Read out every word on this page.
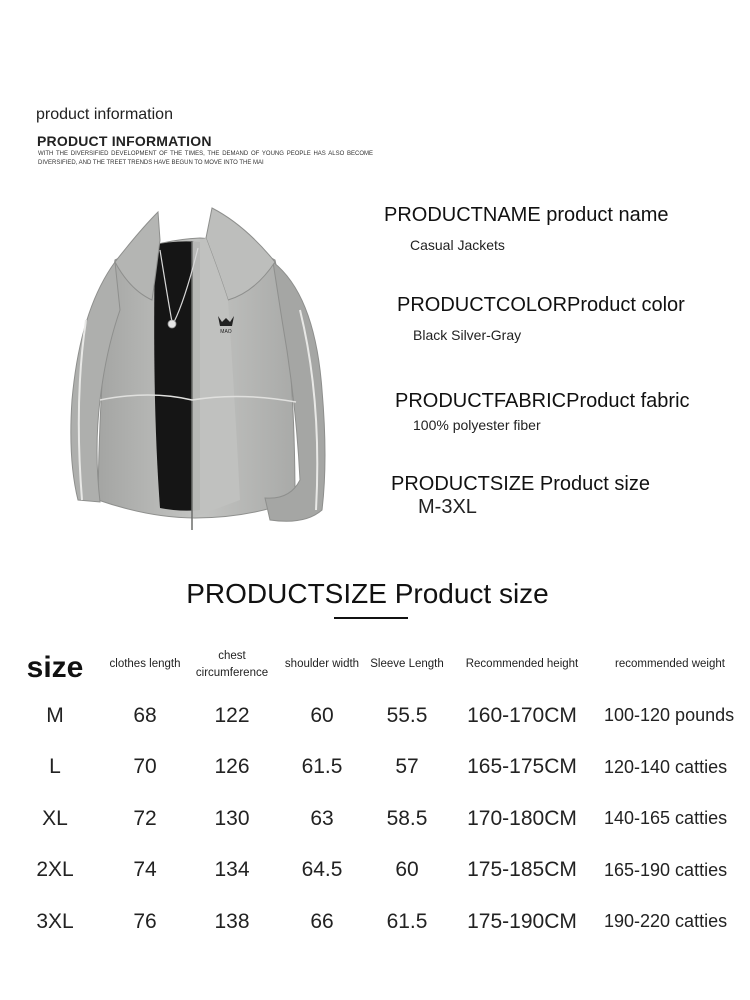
product information
PRODUCT INFORMATION
WITH THE DIVERSIFIED DEVELOPMENT OF THE TIMES, THE DEMAND OF YOUNG PEOPLE HAS ALSO BECOME DIVERSIFIED, AND THE TREET TRENDS HAVE BEGUN TO MOVE INTO THE MAI
MAO
PRODUCTNAME product name
Casual Jackets
PRODUCTCOLORProduct color
Black Silver-Gray
PRODUCTFABRICProduct fabric
100% polyester fiber
PRODUCTSIZE Product size
M-3XL
PRODUCTSIZE Product size
size	clothes length	chest circumference	shoulder width	Sleeve Length	Recommended height	recommended weight
M	68	122	60	55.5	160-170CM	100-120 pounds
L	70	126	61.5	57	165-175CM	120-140 catties
XL	72	130	63	58.5	170-180CM	140-165 catties
2XL	74	134	64.5	60	175-185CM	165-190 catties
3XL	76	138	66	61.5	175-190CM	190-220 catties
